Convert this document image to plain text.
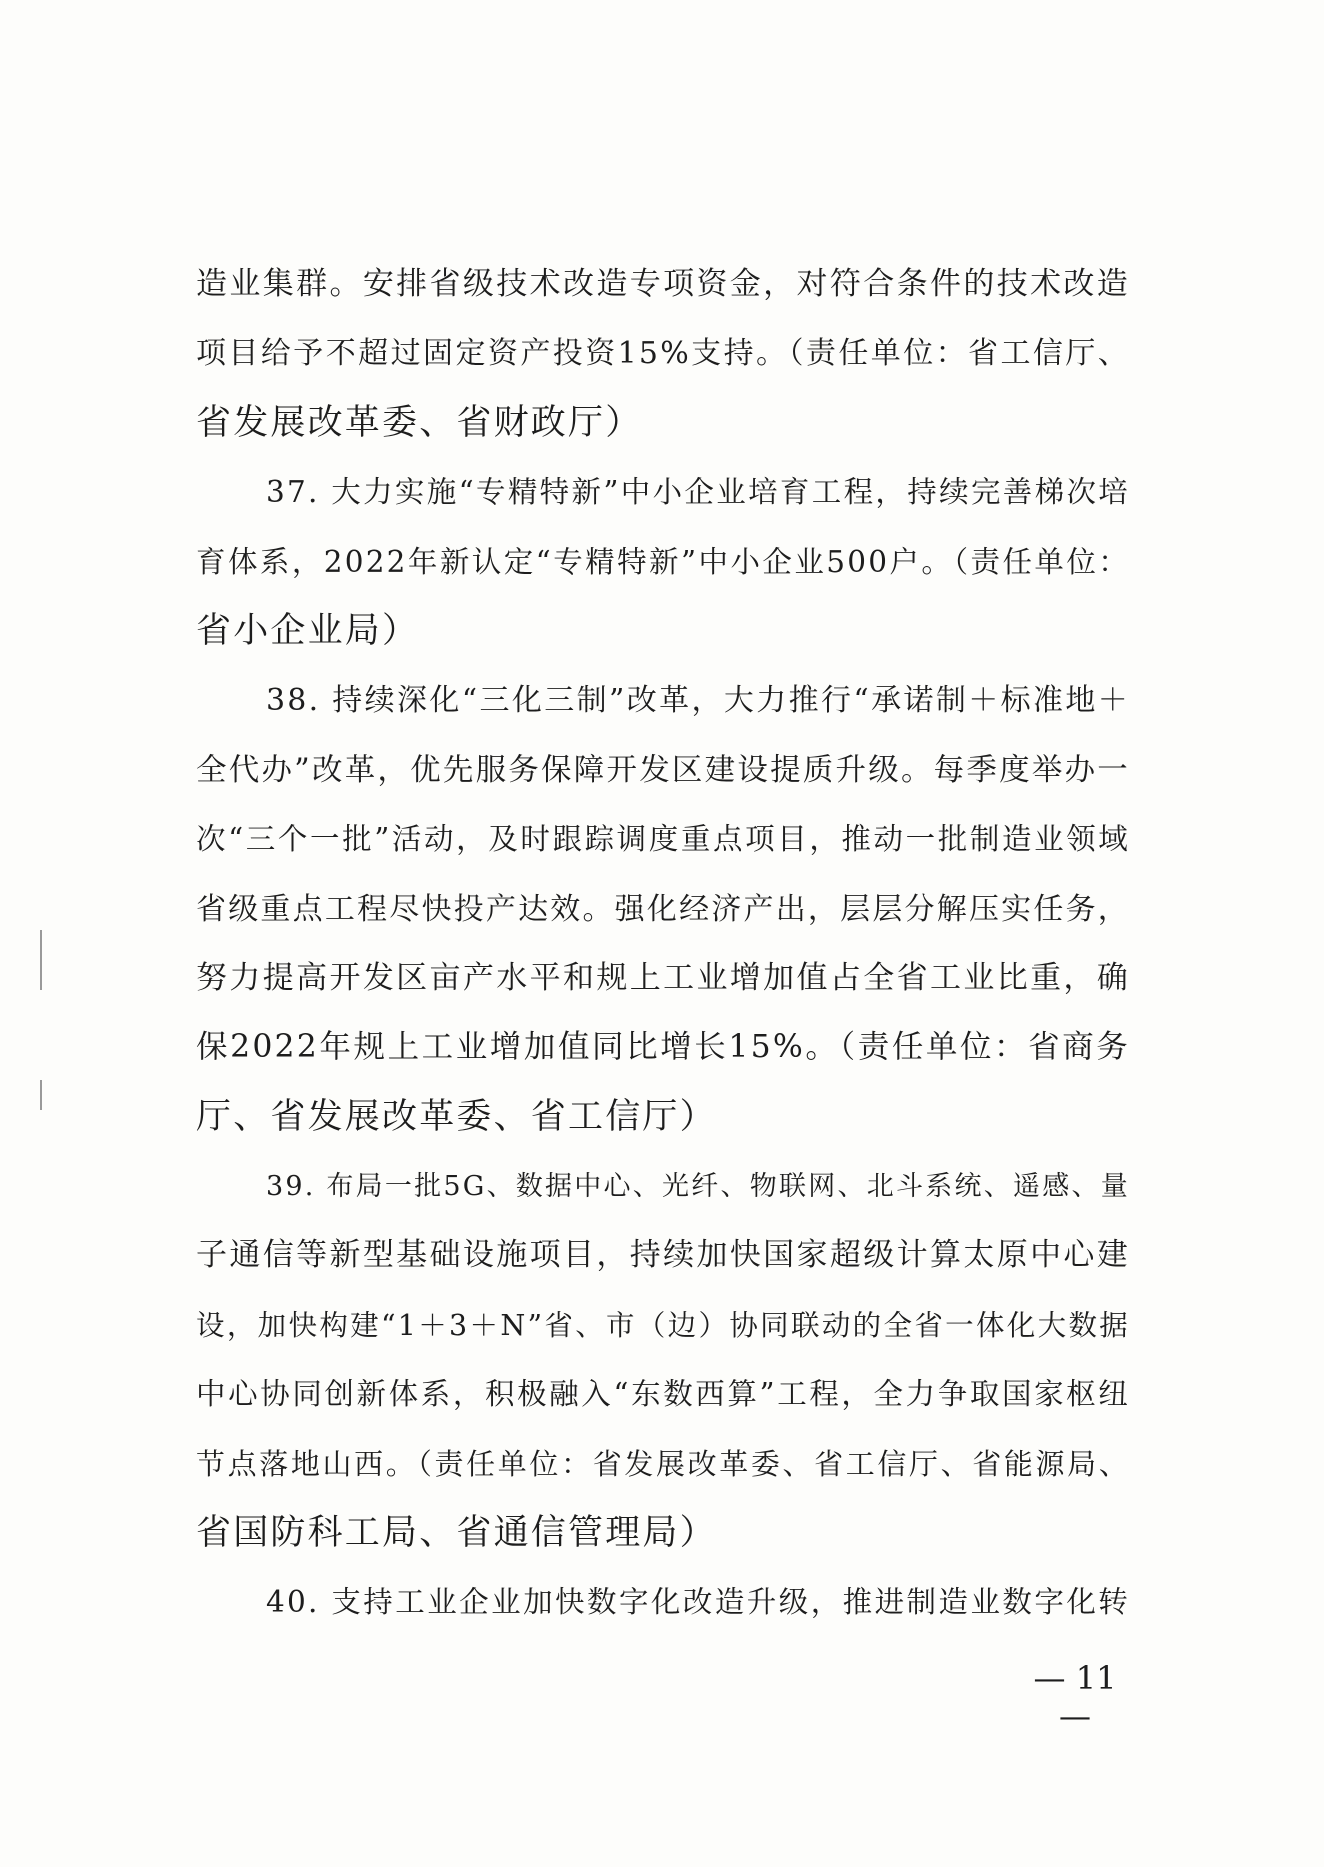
造业集群。安排省级技术改造专项资金，对符合条件的技术改造
项目给予不超过固定资产投资15%支持。（责任单位：省工信厅、
省发展改革委、省财政厅）
37. 大力实施“专精特新”中小企业培育工程，持续完善梯次培
育体系，2022年新认定“专精特新”中小企业500户。（责任单位：
省小企业局）
38. 持续深化“三化三制”改革，大力推行“承诺制＋标准地＋
全代办”改革，优先服务保障开发区建设提质升级。每季度举办一
次“三个一批”活动，及时跟踪调度重点项目，推动一批制造业领域
省级重点工程尽快投产达效。强化经济产出，层层分解压实任务，
努力提高开发区亩产水平和规上工业增加值占全省工业比重，确
保2022年规上工业增加值同比增长15%。（责任单位：省商务
厅、省发展改革委、省工信厅）
39. 布局一批5G、数据中心、光纤、物联网、北斗系统、遥感、量
子通信等新型基础设施项目，持续加快国家超级计算太原中心建
设，加快构建“1＋3＋N”省、市（边）协同联动的全省一体化大数据
中心协同创新体系，积极融入“东数西算”工程，全力争取国家枢纽
节点落地山西。（责任单位：省发展改革委、省工信厅、省能源局、
省国防科工局、省通信管理局）
40. 支持工业企业加快数字化改造升级，推进制造业数字化转
— 11 —
